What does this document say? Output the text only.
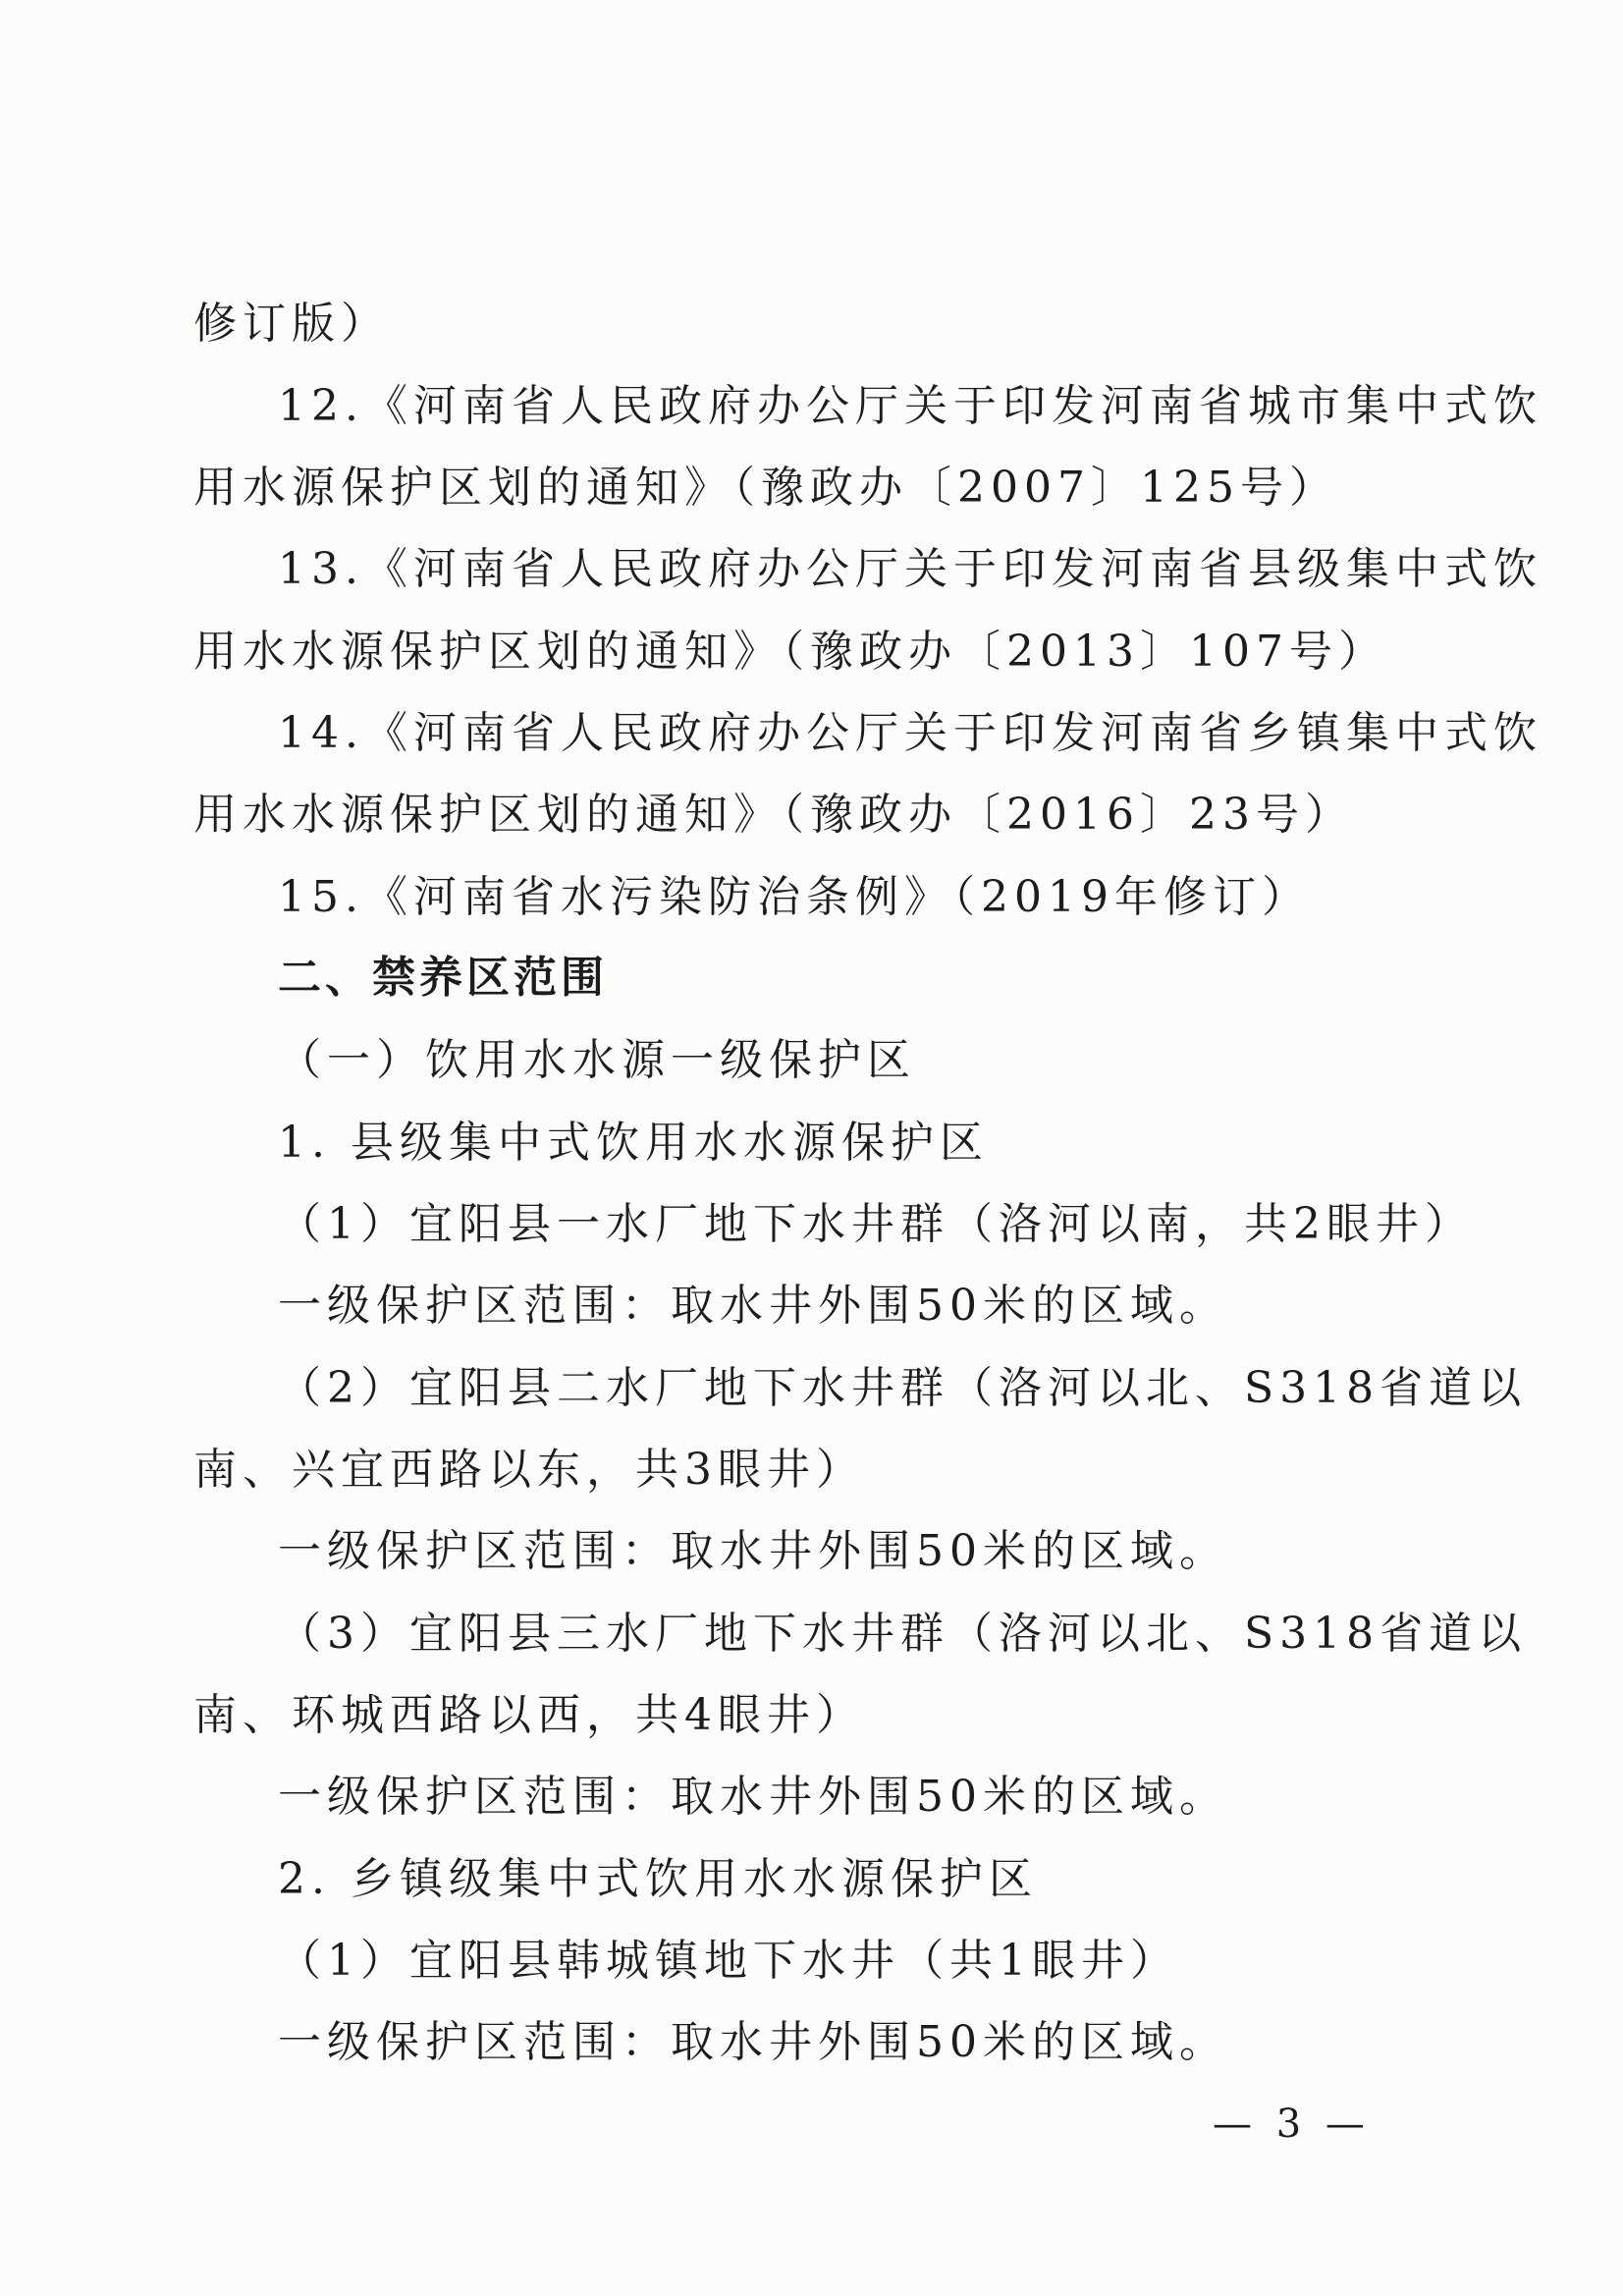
修订版）
12.《河南省人民政府办公厅关于印发河南省城市集中式饮
用水源保护区划的通知》（豫政办〔2007〕125号）
13.《河南省人民政府办公厅关于印发河南省县级集中式饮
用水水源保护区划的通知》（豫政办〔2013〕107号）
14.《河南省人民政府办公厅关于印发河南省乡镇集中式饮
用水水源保护区划的通知》（豫政办〔2016〕23号）
15.《河南省水污染防治条例》（2019年修订）
二、禁养区范围
（一）饮用水水源一级保护区
1. 县级集中式饮用水水源保护区
（1）宜阳县一水厂地下水井群（洛河以南，共2眼井）
一级保护区范围：取水井外围50米的区域。
（2）宜阳县二水厂地下水井群（洛河以北、S318省道以
南、兴宜西路以东，共3眼井）
一级保护区范围：取水井外围50米的区域。
（3）宜阳县三水厂地下水井群（洛河以北、S318省道以
南、环城西路以西，共4眼井）
一级保护区范围：取水井外围50米的区域。
2. 乡镇级集中式饮用水水源保护区
（1）宜阳县韩城镇地下水井（共1眼井）
一级保护区范围：取水井外围50米的区域。
— 3 —
